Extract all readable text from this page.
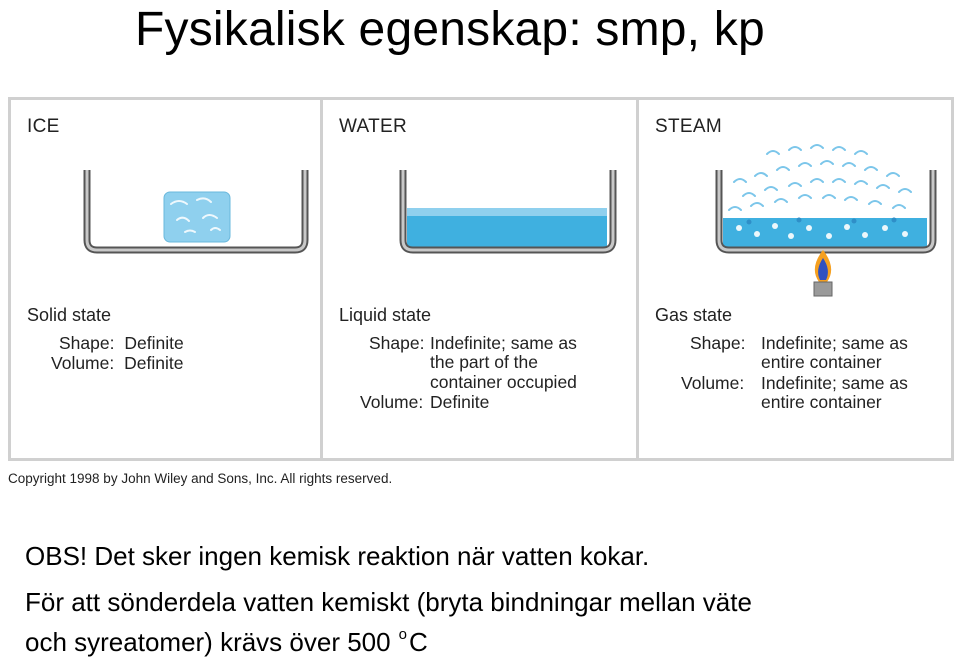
Fysikalisk egenskap: smp, kp
ICE
Solid state
Shape: Definite
Volume: Definite
WATER
Liquid state
Shape: Indefinite; same as
the part of the
container occupied
Volume: Definite
STEAM
Gas state
Shape: Indefinite; same as
entire container
Volume: Indefinite; same as
entire container
Copyright 1998 by John Wiley and Sons, Inc. All rights reserved.
OBS! Det sker ingen kemisk reaktion när vatten kokar.
För att sönderdela vatten kemiskt (bryta bindningar mellan väte
och syreatomer) krävs över 500 oC
